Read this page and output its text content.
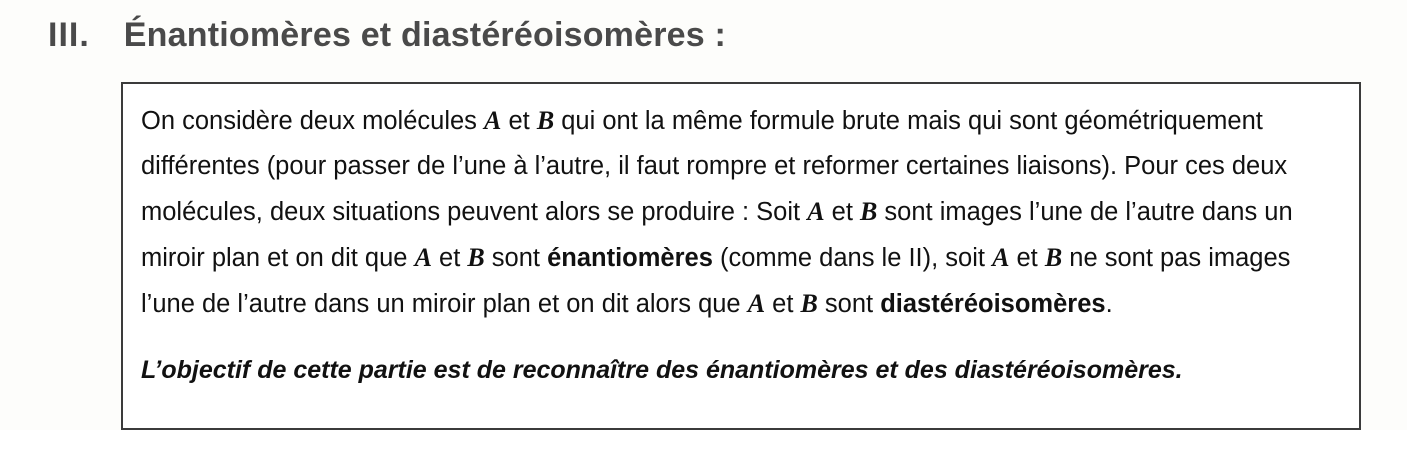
III. Énantiomères et diastéréoisomères :

On considère deux molécules A et B qui ont la même formule brute mais qui sont géométriquement différentes (pour passer de l’une à l’autre, il faut rompre et reformer certaines liaisons). Pour ces deux molécules, deux situations peuvent alors se produire : Soit A et B sont images l’une de l’autre dans un miroir plan et on dit que A et B sont énantiomères (comme dans le II), soit A et B ne sont pas images l’une de l’autre dans un miroir plan et on dit alors que A et B sont diastéréoisomères.

L’objectif de cette partie est de reconnaître des énantiomères et des diastéréoisomères.
